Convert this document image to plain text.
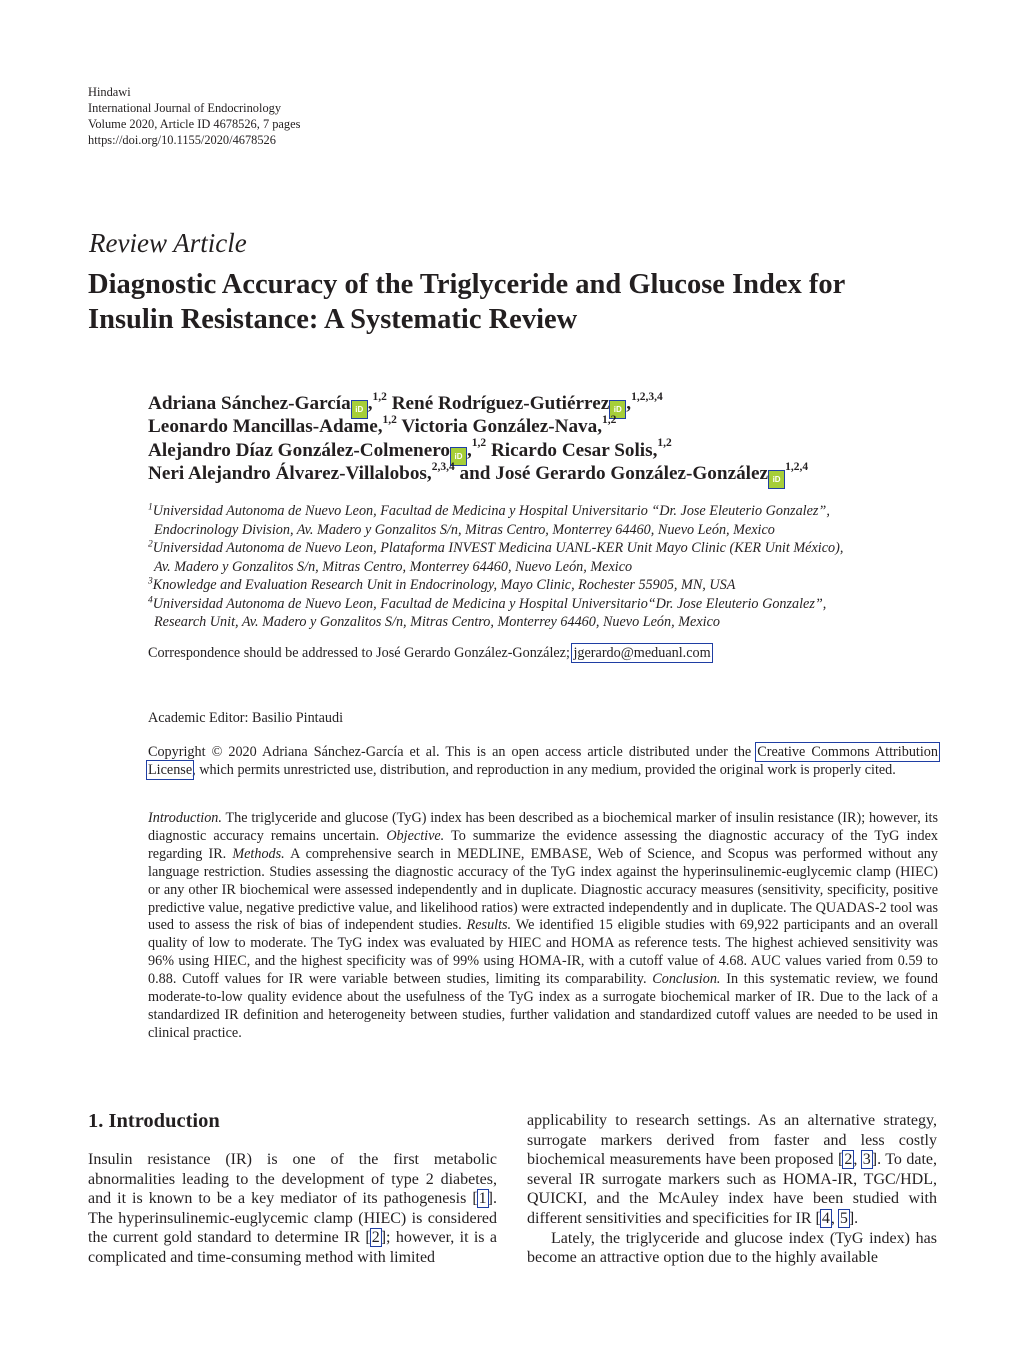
Hindawi
International Journal of Endocrinology
Volume 2020, Article ID 4678526, 7 pages
https://doi.org/10.1155/2020/4678526
Review Article
Diagnostic Accuracy of the Triglyceride and Glucose Index for
Insulin Resistance: A Systematic Review
Adriana Sánchez-García iD ,$^{1,2}$ René Rodríguez-Gutiérrez iD ,$^{1,2,3,4}$
Leonardo Mancillas-Adame,$^{1,2}$ Victoria González-Nava,$^{1,2}$
Alejandro Díaz González-Colmenero iD ,$^{1,2}$ Ricardo Cesar Solis,$^{1,2}$
Neri Alejandro Álvarez-Villalobos,$^{2,3,4}$ and José Gerardo González-González iD$^{1,2,4}$
$^1$Universidad Autonoma de Nuevo Leon, Facultad de Medicina y Hospital Universitario “Dr. Jose Eleuterio Gonzalez”,
Endocrinology Division, Av. Madero y Gonzalitos S/n, Mitras Centro, Monterrey 64460, Nuevo León, Mexico
$^2$Universidad Autonoma de Nuevo Leon, Plataforma INVEST Medicina UANL-KER Unit Mayo Clinic (KER Unit México),
Av. Madero y Gonzalitos S/n, Mitras Centro, Monterrey 64460, Nuevo León, Mexico
$^3$Knowledge and Evaluation Research Unit in Endocrinology, Mayo Clinic, Rochester 55905, MN, USA
$^4$Universidad Autonoma de Nuevo Leon, Facultad de Medicina y Hospital Universitario“Dr. Jose Eleuterio Gonzalez”,
Research Unit, Av. Madero y Gonzalitos S/n, Mitras Centro, Monterrey 64460, Nuevo León, Mexico
Correspondence should be addressed to José Gerardo González-González; jgerardo@meduanl.com
Academic Editor: Basilio Pintaudi
Copyright © 2020 Adriana Sánchez-García et al. This is an open access article distributed under the Creative Commons Attribution License, which permits unrestricted use, distribution, and reproduction in any medium, provided the original work is properly cited.
Introduction. The triglyceride and glucose (TyG) index has been described as a biochemical marker of insulin resistance (IR); however, its diagnostic accuracy remains uncertain. Objective. To summarize the evidence assessing the diagnostic accuracy of the TyG index regarding IR. Methods. A comprehensive search in MEDLINE, EMBASE, Web of Science, and Scopus was performed without any language restriction. Studies assessing the diagnostic accuracy of the TyG index against the hyperinsulinemic-euglycemic clamp (HIEC) or any other IR biochemical were assessed independently and in duplicate. Diagnostic accuracy measures (sensitivity, specificity, positive predictive value, negative predictive value, and likelihood ratios) were extracted independently and in duplicate. The QUADAS-2 tool was used to assess the risk of bias of independent studies. Results. We identified 15 eligible studies with 69,922 participants and an overall quality of low to moderate. The TyG index was evaluated by HIEC and HOMA as reference tests. The highest achieved sensitivity was 96% using HIEC, and the highest specificity was of 99% using HOMA-IR, with a cutoff value of 4.68. AUC values varied from 0.59 to 0.88. Cutoff values for IR were variable between studies, limiting its comparability. Conclusion. In this systematic review, we found moderate-to-low quality evidence about the usefulness of the TyG index as a surrogate biochemical marker of IR. Due to the lack of a standardized IR definition and heterogeneity between studies, further validation and standardized cutoff values are needed to be used in clinical practice.
1. Introduction

Insulin resistance (IR) is one of the first metabolic abnormalities leading to the development of type 2 diabetes, and it is known to be a key mediator of its pathogenesis [1]. The hyperinsulinemic-euglycemic clamp (HIEC) is considered the current gold standard to determine IR [2]; however, it is a complicated and time-consuming method with limited

applicability to research settings. As an alternative strategy, surrogate markers derived from faster and less costly biochemical measurements have been proposed [2, 3]. To date, several IR surrogate markers such as HOMA-IR, TGC/HDL, QUICKI, and the McAuley index have been studied with different sensitivities and specificities for IR [4, 5].

Lately, the triglyceride and glucose index (TyG index) has become an attractive option due to the highly available
